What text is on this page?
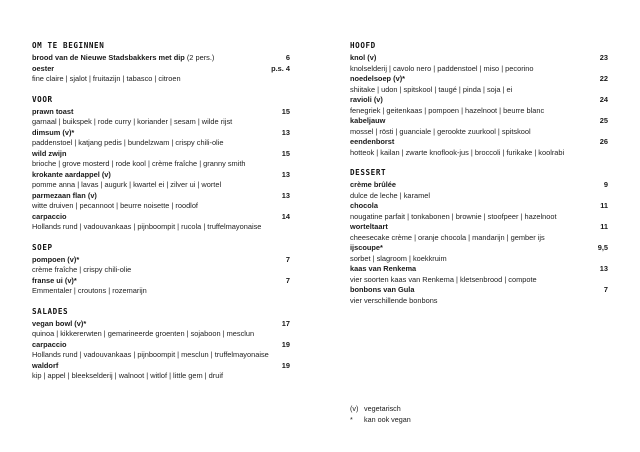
OM TE BEGINNEN
brood van de Nieuwe Stadsbakkers met dip (2 pers.)	6
oester	p.s. 4
fine claire | sjalot | fruitazijn | tabasco | citroen
VOOR
prawn toast	15
garnaal | buikspek | rode curry | koriander | sesam | wilde rijst
dimsum (v)*	13
paddenstoel | katjang pedis | bundelzwam | crispy chili-olie
wild zwijn	15
brioche | grove mosterd | rode kool | crème fraîche | granny smith
krokante aardappel (v)	13
pomme anna | lavas | augurk | kwartel ei | zilver ui | wortel
parmezaan flan (v)	13
witte druiven | pecannoot | beurre noisette | roodlof
carpaccio	14
Hollands rund | vadouvankaas | pijnboompit | rucola | truffelmayonaise
SOEP
pompoen (v)*	7
crème fraîche | crispy chili-olie
franse ui (v)*	7
Emmentaler | croutons | rozemarijn
SALADES
vegan bowl (v)*	17
quinoa | kikkererwten | gemarineerde groenten | sojaboon | mesclun
carpaccio	19
Hollands rund | vadouvankaas | pijnboompit | mesclun | truffelmayonaise
waldorf	19
kip | appel | bleekselderij | walnoot | witlof | little gem | druif
HOOFD
knol (v)	23
knolselderij | cavolo nero | paddenstoel | miso | pecorino
noedelsoep (v)*	22
shiitake | udon | spitskool | taugé | pinda | soja | ei
ravioli (v)	24
fenegriek | geitenkaas | pompoen | hazelnoot | beurre blanc
kabeljauw	25
mossel | rösti | guanciale | gerookte zuurkool | spitskool
eendenborst	26
hotteok | kailan | zwarte knoflook-jus | broccoli | furikake | koolrabi
DESSERT
crème brûlée	9
dulce de leche | karamel
chocola	11
nougatine parfait | tonkabonen | brownie | stoofpeer | hazelnoot
worteltaart	11
cheesecake crème | oranje chocola | mandarijn | gember ijs
ijscoupe*	9,5
sorbet | slagroom | koekkruim
kaas van Renkema	13
vier soorten kaas van Renkema | kletsenbrood | compote
bonbons van Gula	7
vier verschillende bonbons
(v) vegetarisch
*	kan ook vegan
